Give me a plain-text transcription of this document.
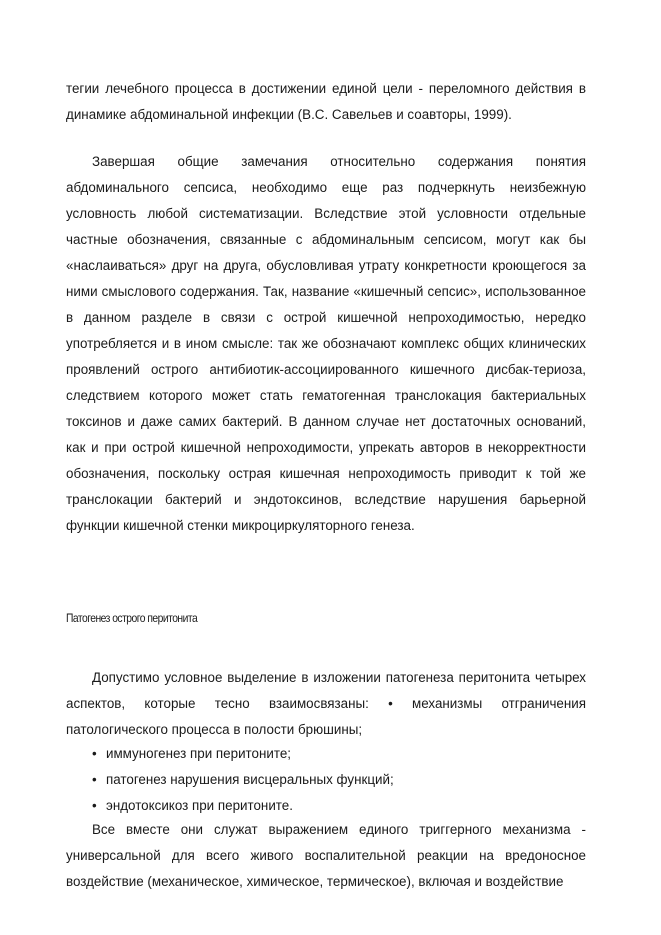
тегии лечебного процесса в достижении единой цели - переломного действия в динамике абдоминальной инфекции (В.С. Савельев и соавторы, 1999).

Завершая общие замечания относительно содержания понятия абдоминального сепсиса, необходимо еще раз подчеркнуть неизбежную условность любой систематизации. Вследствие этой условности отдельные частные обозначения, связанные с абдоминальным сепсисом, могут как бы «наслаиваться» друг на друга, обусловливая утрату конкретности кроющегося за ними смыслового содержания. Так, название «кишечный сепсис», использованное в данном разделе в связи с острой кишечной непроходимостью, нередко употребляется и в ином смысле: так же обозначают комплекс общих клинических проявлений острого антибиотик-ассоциированного кишечного дисбак-териоза, следствием которого может стать гематогенная транслокация бактериальных токсинов и даже самих бактерий. В данном случае нет достаточных оснований, как и при острой кишечной непроходимости, упрекать авторов в некорректности обозначения, поскольку острая кишечная непроходимость приводит к той же транслокации бактерий и эндотоксинов, вследствие нарушения барьерной функции кишечной стенки микроциркуляторного генеза.

Патогенез острого перитонита

Допустимо условное выделение в изложении патогенеза перитонита четырех аспектов, которые тесно взаимосвязаны: • механизмы отграничения патологического процесса в полости брюшины;

• иммуногенез при перитоните;
• патогенез нарушения висцеральных функций;
• эндотоксикоз при перитоните.

Все вместе они служат выражением единого триггерного механизма - универсальной для всего живого воспалительной реакции на вредоносное воздействие (механическое, химическое, термическое), включая и воздействие
